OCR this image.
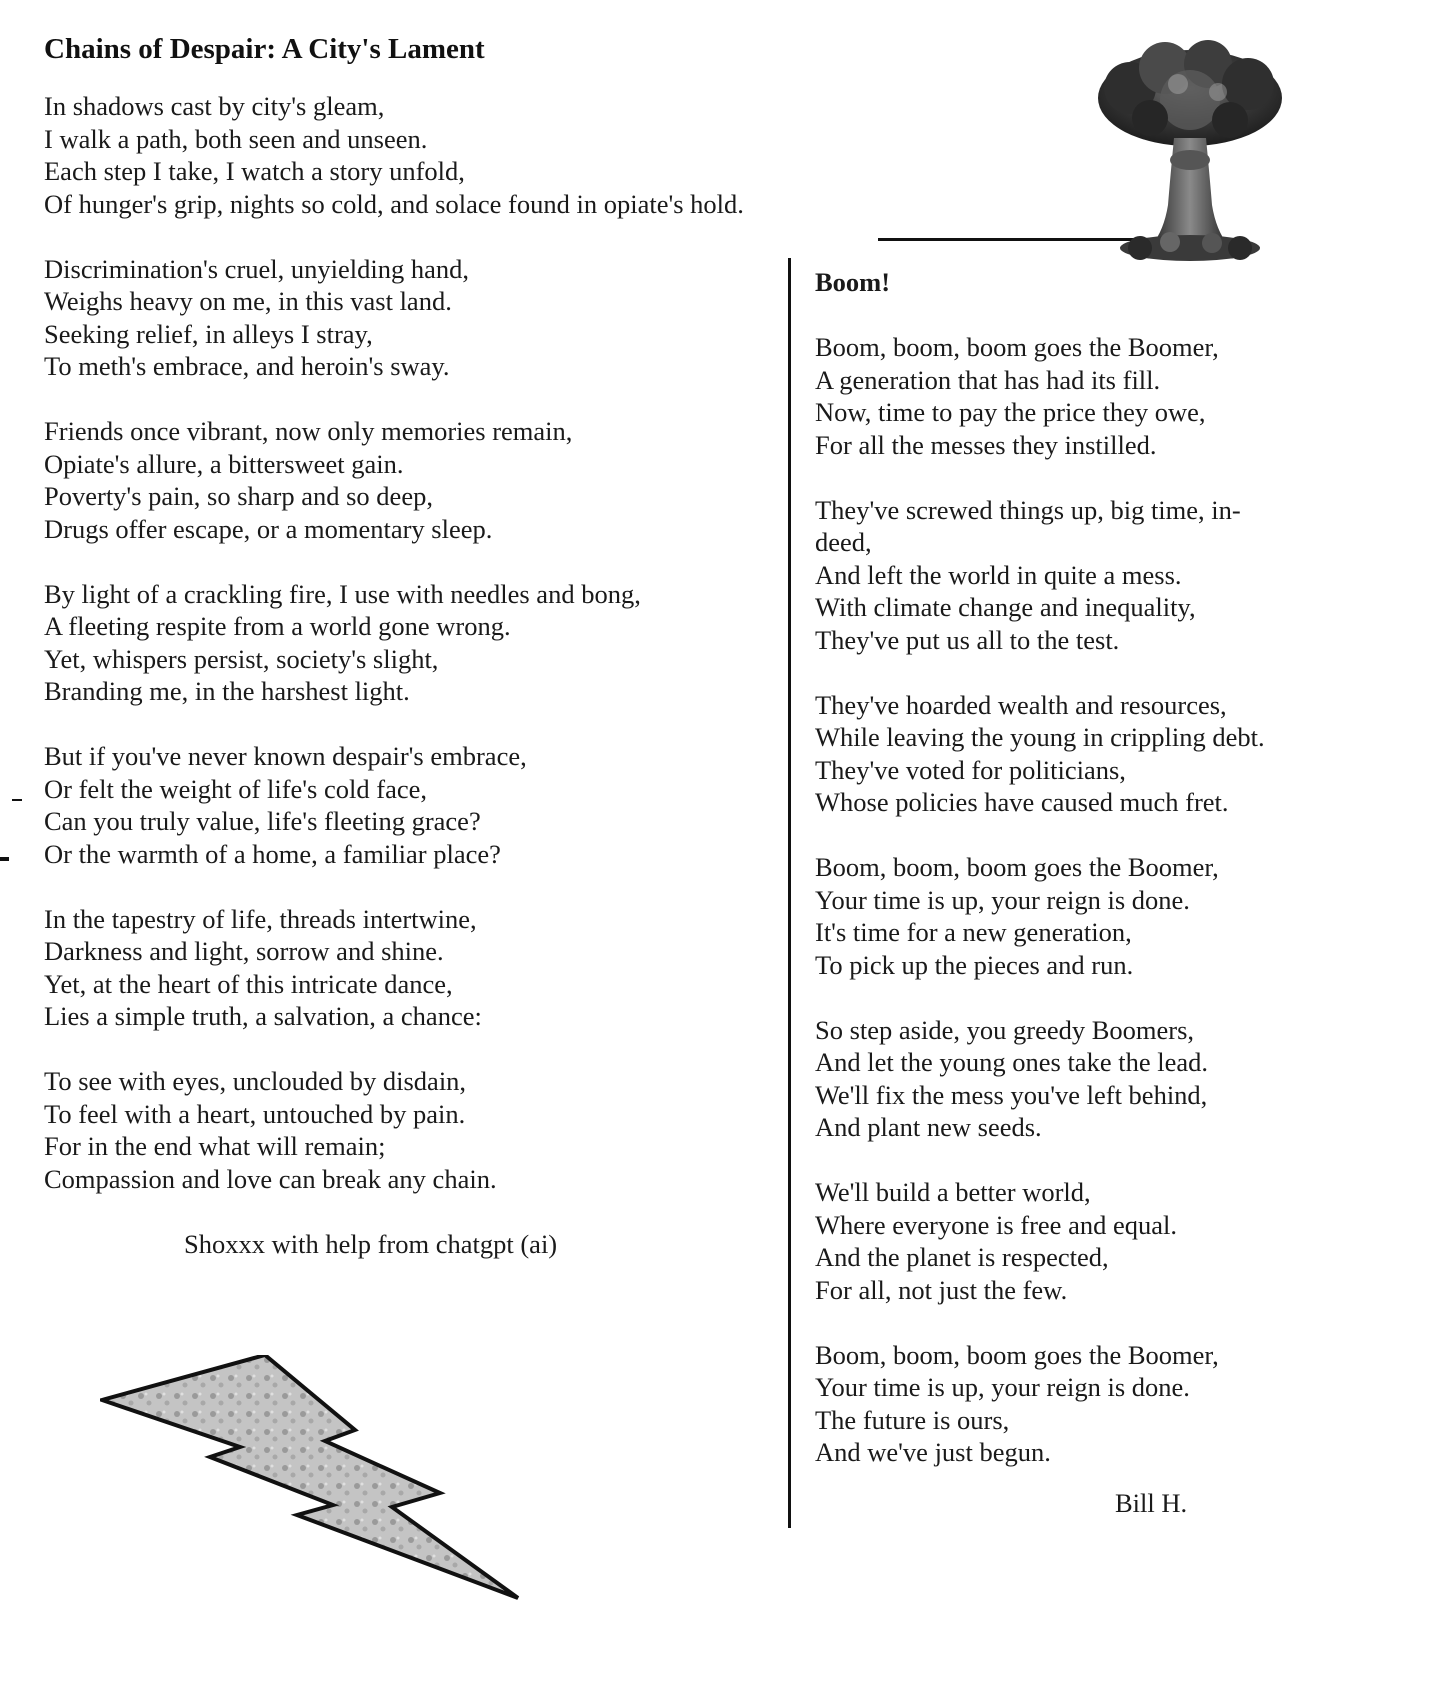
Chains of Despair: A City's Lament
In shadows cast by city's gleam,
I walk a path, both seen and unseen.
Each step I take, I watch a story unfold,
Of hunger's grip, nights so cold, and solace found in opiate's hold.
Discrimination's cruel, unyielding hand,
Weighs heavy on me, in this vast land.
Seeking relief, in alleys I stray,
To meth's embrace, and heroin's sway.
Friends once vibrant, now only memories remain,
Opiate's allure, a bittersweet gain.
Poverty's pain, so sharp and so deep,
Drugs offer escape, or a momentary sleep.
By light of a crackling fire, I use with needles and bong,
A fleeting respite from a world gone wrong.
Yet, whispers persist, society's slight,
Branding me, in the harshest light.
But if you've never known despair's embrace,
Or felt the weight of life's cold face,
Can you truly value, life's fleeting grace?
Or the warmth of a home, a familiar place?
In the tapestry of life, threads intertwine,
Darkness and light, sorrow and shine.
Yet, at the heart of this intricate dance,
Lies a simple truth, a salvation, a chance:
To see with eyes, unclouded by disdain,
To feel with a heart, untouched by pain.
For in the end what will remain;
Compassion and love can break any chain.
Shoxxx with help from chatgpt (ai)
Boom!
Boom, boom, boom goes the Boomer,
A generation that has had its fill.
Now, time to pay the price they owe,
For all the messes they instilled.
They've screwed things up, big time, in-
deed,
And left the world in quite a mess.
With climate change and inequality,
They've put us all to the test.
They've hoarded wealth and resources,
While leaving the young in crippling debt.
They've voted for politicians,
Whose policies have caused much fret.
Boom, boom, boom goes the Boomer,
Your time is up, your reign is done.
It's time for a new generation,
To pick up the pieces and run.
So step aside, you greedy Boomers,
And let the young ones take the lead.
We'll fix the mess you've left behind,
And plant new seeds.
We'll build a better world,
Where everyone is free and equal.
And the planet is respected,
For all, not just the few.
Boom, boom, boom goes the Boomer,
Your time is up, your reign is done.
The future is ours,
And we've just begun.
Bill H.
